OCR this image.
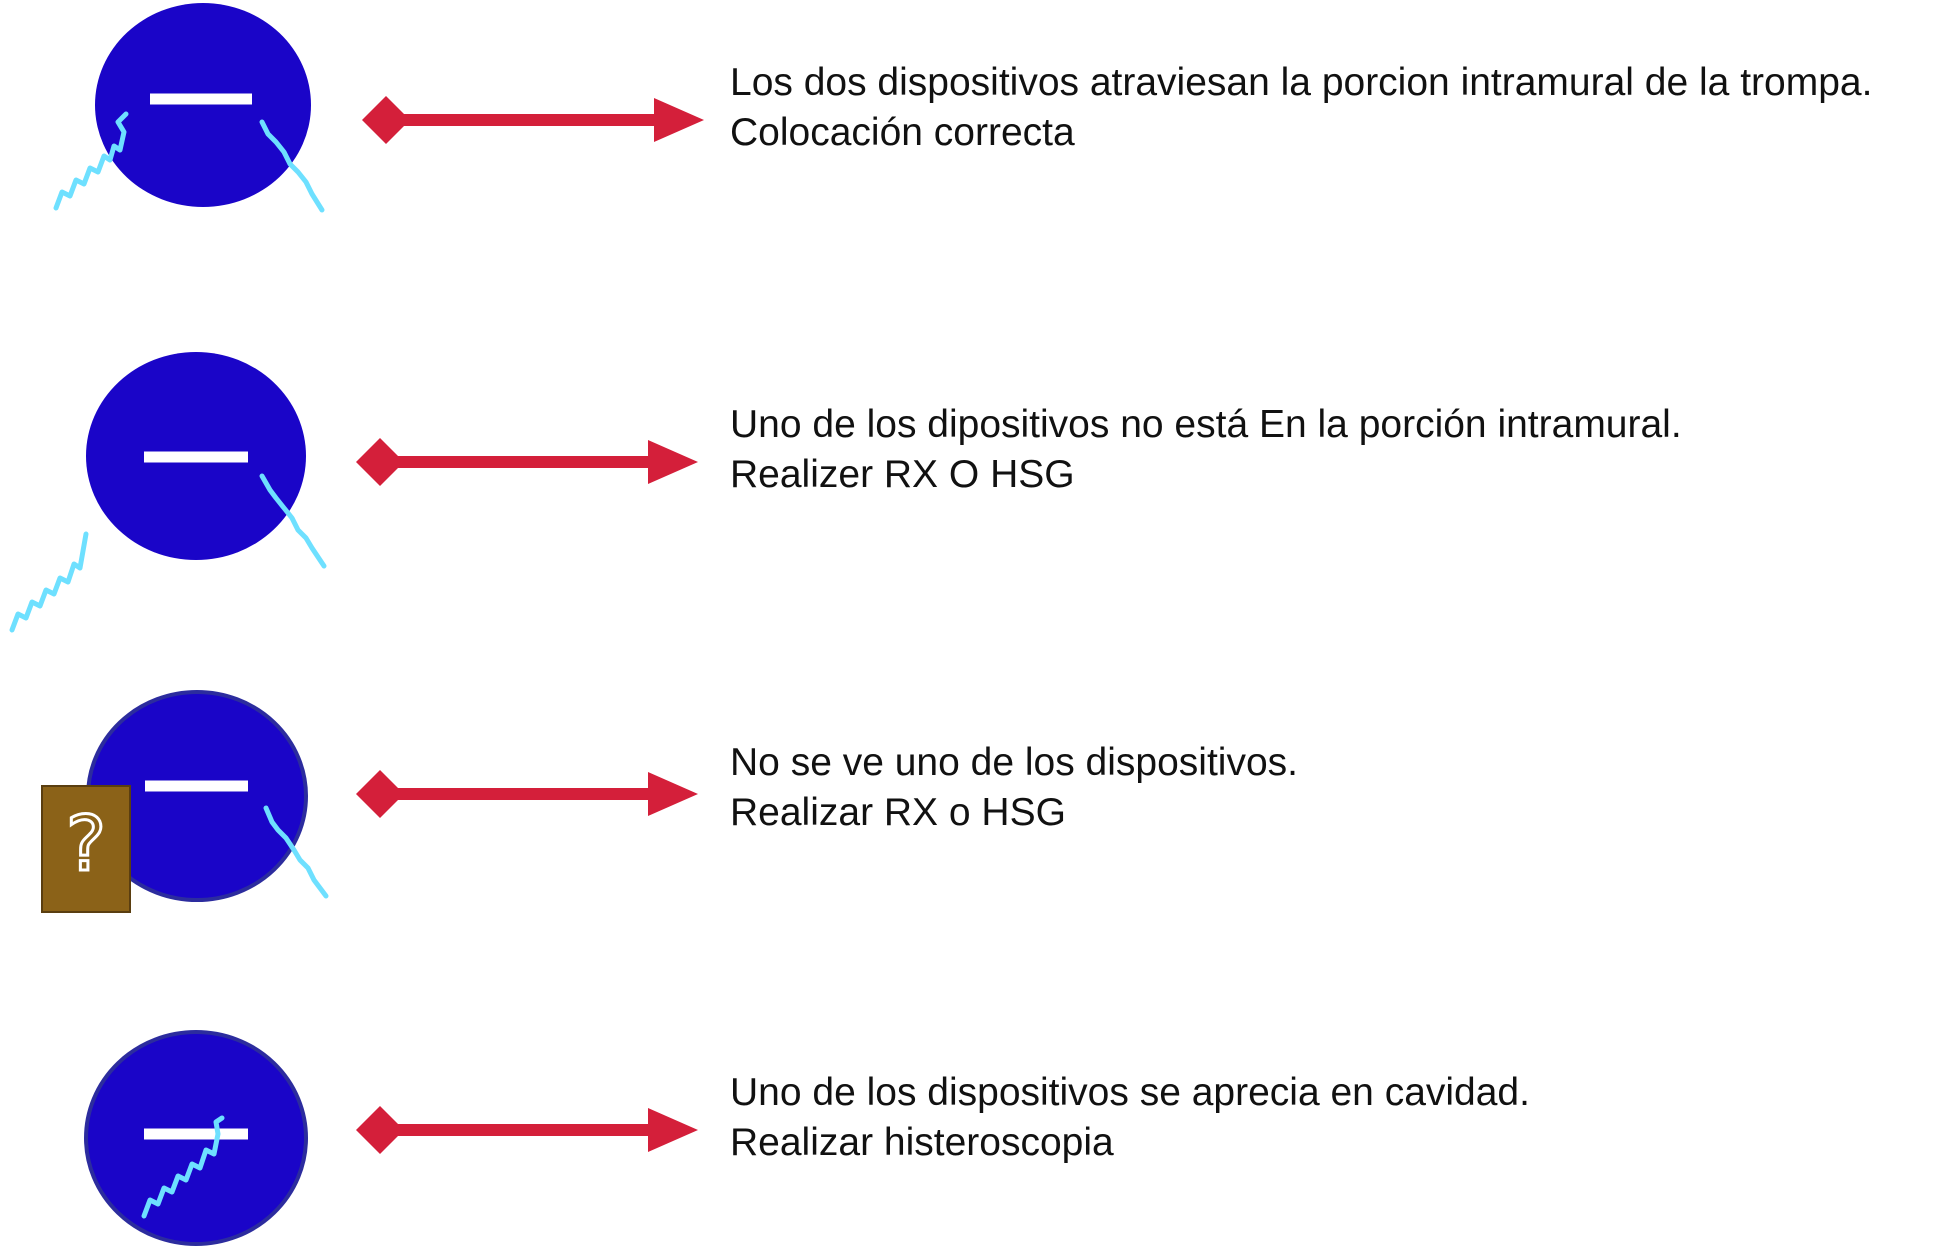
Los dos dispositivos atraviesan la porcion intramural de la trompa.
Colocación correcta
Uno de los dipositivos no está En la porción intramural.
Realizer RX O HSG
?
No se ve uno de los dispositivos.
Realizar RX o HSG
Uno de los dispositivos se aprecia en cavidad.
Realizar histeroscopia
